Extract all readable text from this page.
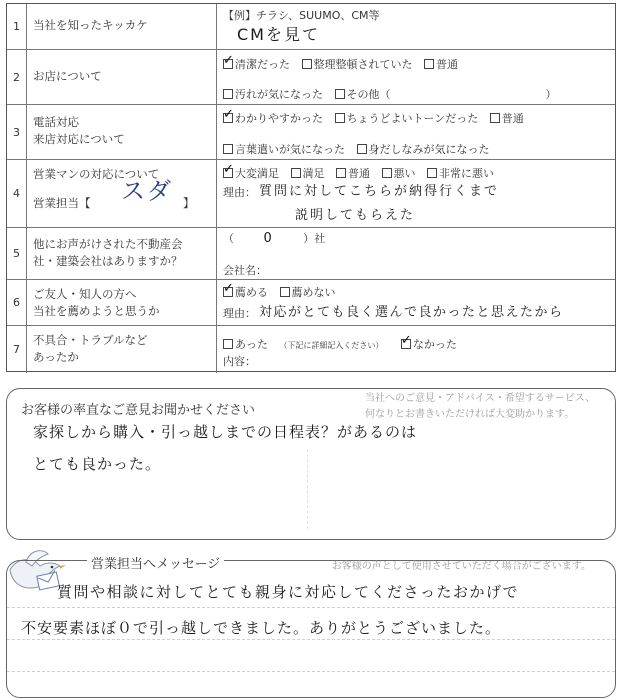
1	当社を知ったキッカケ
【例】チラシ、SUUMO、CM等
CMを見て
2	お店について
✓清潔だった 整理整頓されていた 普通
汚れが気になった その他（	）
3
電話対応
来店対応について
✓わかりやすかった ちょうどよいトーンだった 普通
言葉遣いが気になった 身だしなみが気になった
4
営業マンの対応について
営業担当【 スダ 】
✓大変満足 満足 普通 悪い 非常に悪い
理由： 質問に対してこちらが納得行くまで
説明してもらえた
5
他にお声がけされた不動産会
社・建築会社はありますか？
（ 0	）社
会社名：
6
ご友人・知人の方へ
当社を薦めようと思うか
✓薦める 薦めない
理由： 対応がとても良く選んで良かったと思えたから
7
不具合・トラブルなど
あったか
あった （下記に詳細記入ください） ✓	なかった
内容：
お客様の率直なご意見お聞かせください
当社へのご意見・アドバイス・希望するサービス、
何なりとお書きいただければ大変助かります。
家探しから購入・引っ越しまでの日程表？があるのは
とても良かった。
営業担当へメッセージ	お客様の声として使用させていただく場合がございます。
質問や相談に対してとても親身に対応してくださったおかげで
不安要素ほぼ０で引っ越しできました。ありがとうございました。
